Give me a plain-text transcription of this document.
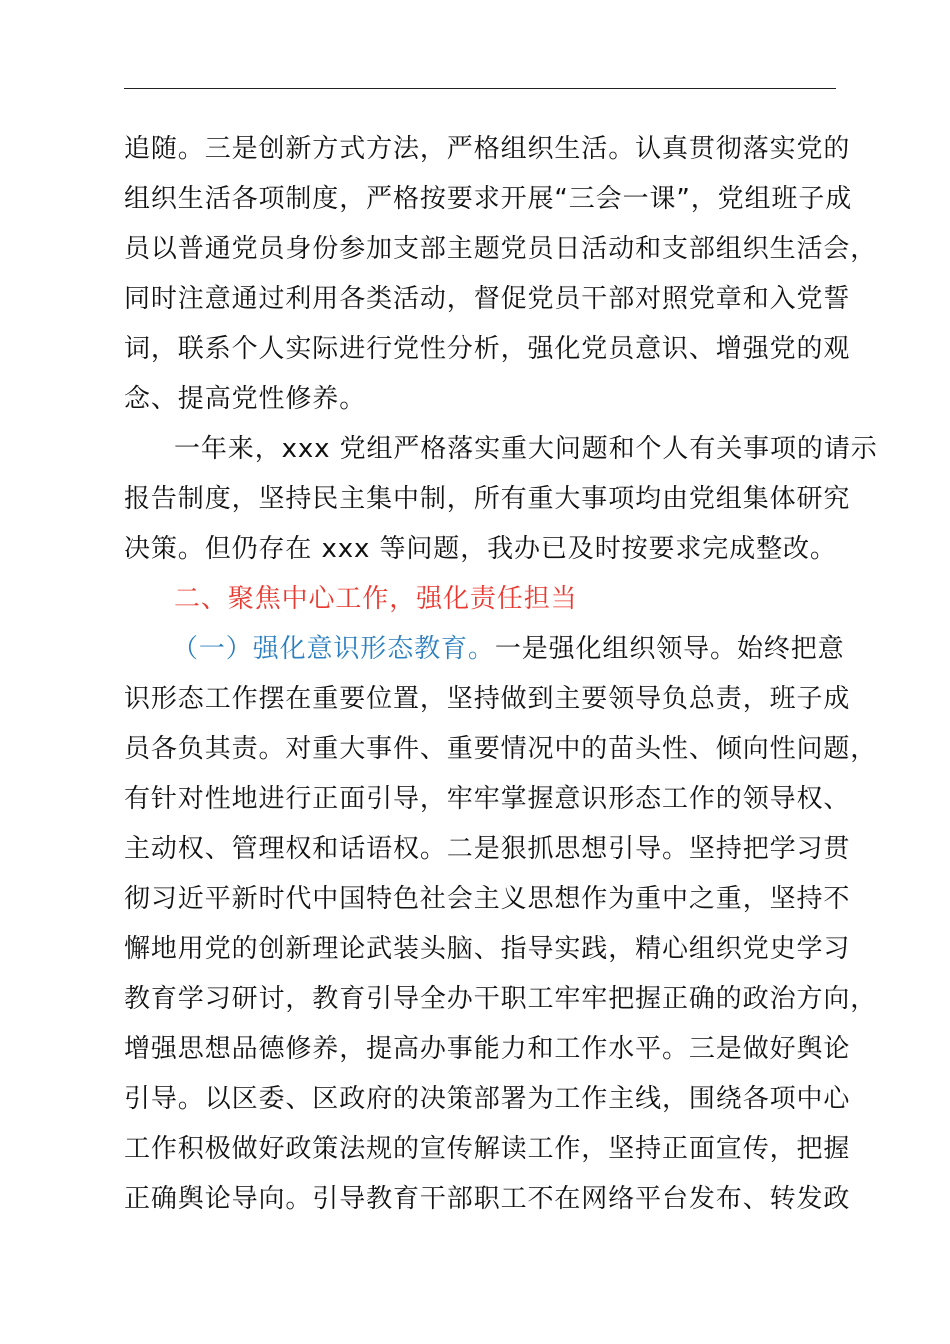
追随。三是创新方式方法，严格组织生活。认真贯彻落实党的
组织生活各项制度，严格按要求开展“三会一课”，党组班子成
员以普通党员身份参加支部主题党员日活动和支部组织生活会，
同时注意通过利用各类活动，督促党员干部对照党章和入党誓
词，联系个人实际进行党性分析，强化党员意识、增强党的观
念、提高党性修养。
一年来，xxx 党组严格落实重大问题和个人有关事项的请示
报告制度，坚持民主集中制，所有重大事项均由党组集体研究
决策。但仍存在 xxx 等问题，我办已及时按要求完成整改。
二、聚焦中心工作，强化责任担当
（一）强化意识形态教育。一是强化组织领导。始终把意
识形态工作摆在重要位置，坚持做到主要领导负总责，班子成
员各负其责。对重大事件、重要情况中的苗头性、倾向性问题，
有针对性地进行正面引导，牢牢掌握意识形态工作的领导权、
主动权、管理权和话语权。二是狠抓思想引导。坚持把学习贯
彻习近平新时代中国特色社会主义思想作为重中之重，坚持不
懈地用党的创新理论武装头脑、指导实践，精心组织党史学习
教育学习研讨，教育引导全办干职工牢牢把握正确的政治方向，
增强思想品德修养，提高办事能力和工作水平。三是做好舆论
引导。以区委、区政府的决策部署为工作主线，围绕各项中心
工作积极做好政策法规的宣传解读工作，坚持正面宣传，把握
正确舆论导向。引导教育干部职工不在网络平台发布、转发政
